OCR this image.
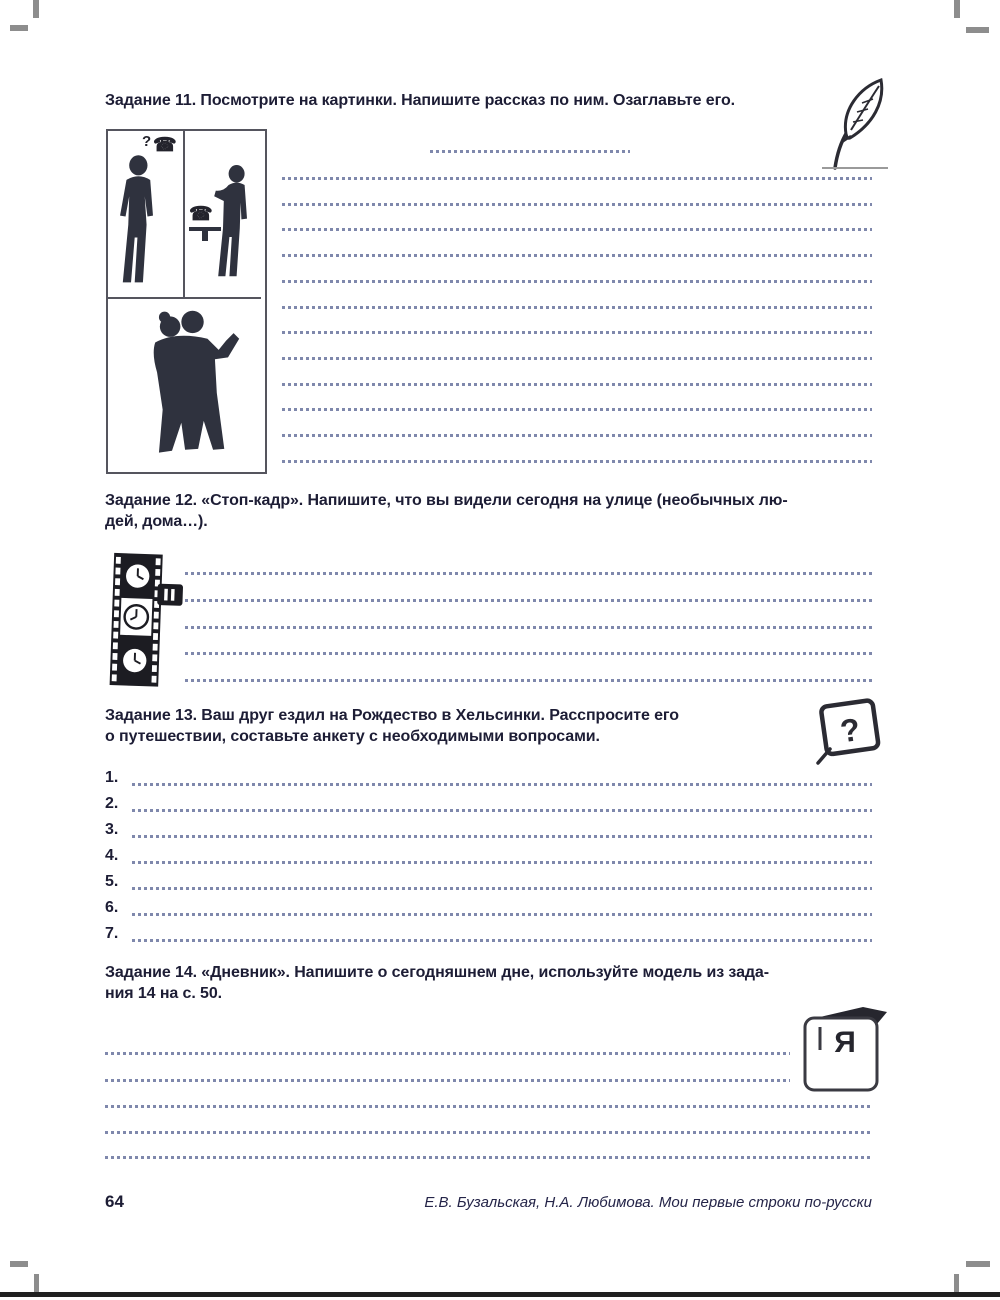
Задание 11. Посмотрите на картинки. Напишите рассказ по ним. Озаглавьте его.
? ☎
☎
Задание 12. «Стоп-кадр». Напишите, что вы видели сегодня на улице (необычных лю-
дей, дома…).
Задание 13. Ваш друг ездил на Рождество в Хельсинки. Расспросите его
о путешествии, составьте анкету с необходимыми вопросами.	?
1.
2.
3.
4.
5.
6.
7.
Задание 14. «Дневник». Напишите о сегодняшнем дне, используйте модель из зада-
ния 14 на с. 50.
Я
64	Е.В. Бузальская, Н.А. Любимова. Мои первые строки по-русски
